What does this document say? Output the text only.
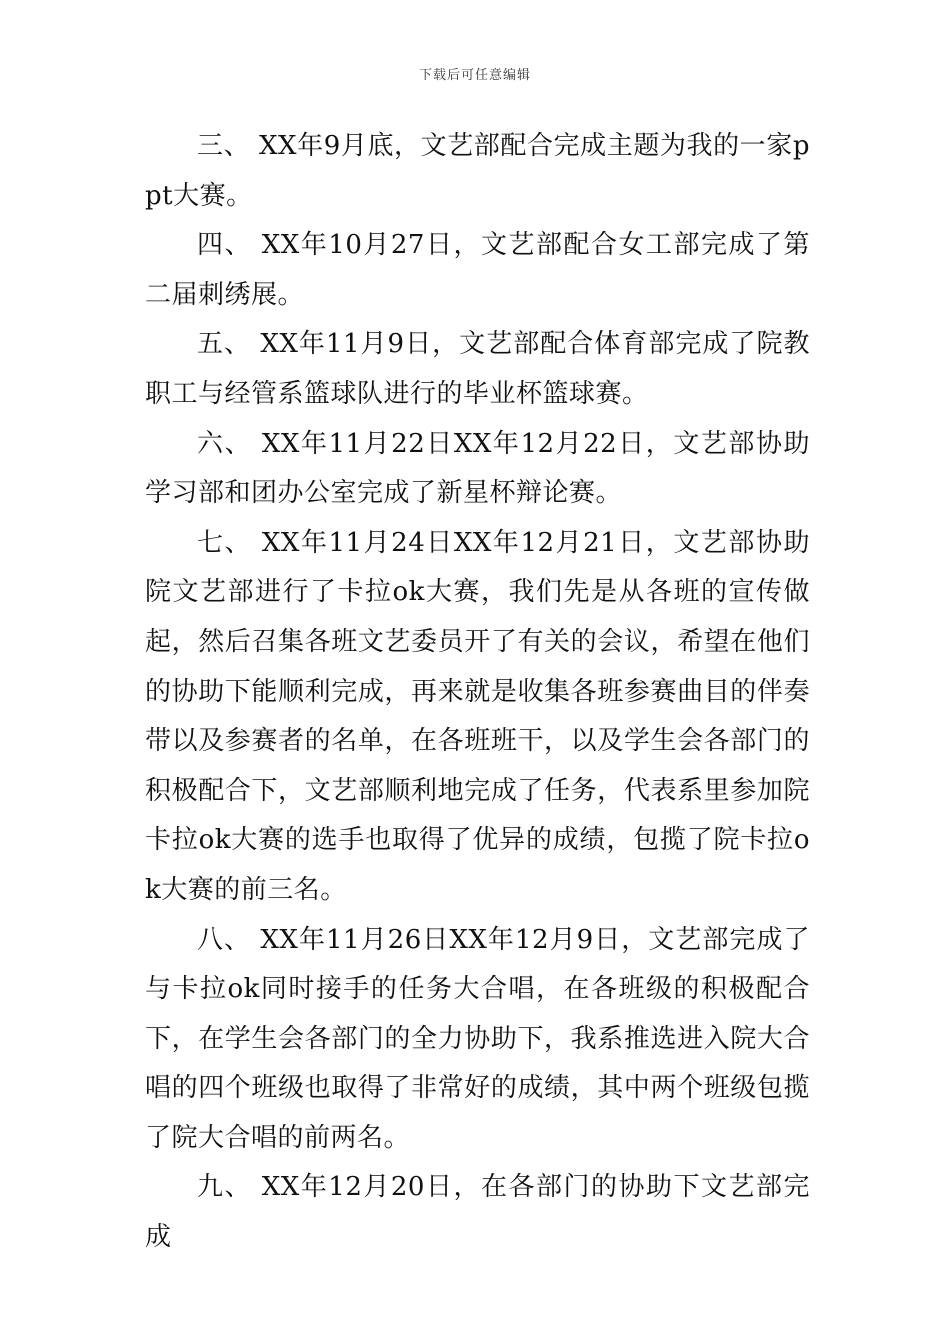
下载后可任意编辑

三、 XX年9月底，文艺部配合完成主题为我的一家ppt大赛。

四、 XX年10月27日，文艺部配合女工部完成了第二届刺绣展。

五、 XX年11月9日，文艺部配合体育部完成了院教职工与经管系篮球队进行的毕业杯篮球赛。

六、 XX年11月22日XX年12月22日，文艺部协助学习部和团办公室完成了新星杯辩论赛。

七、 XX年11月24日XX年12月21日，文艺部协助院文艺部进行了卡拉ok大赛，我们先是从各班的宣传做起，然后召集各班文艺委员开了有关的会议，希望在他们的协助下能顺利完成，再来就是收集各班参赛曲目的伴奏带以及参赛者的名单，在各班班干，以及学生会各部门的积极配合下，文艺部顺利地完成了任务，代表系里参加院卡拉ok大赛的选手也取得了优异的成绩，包揽了院卡拉ok大赛的前三名。

八、 XX年11月26日XX年12月9日，文艺部完成了与卡拉ok同时接手的任务大合唱，在各班级的积极配合下，在学生会各部门的全力协助下，我系推选进入院大合唱的四个班级也取得了非常好的成绩，其中两个班级包揽了院大合唱的前两名。

九、 XX年12月20日，在各部门的协助下文艺部完成
